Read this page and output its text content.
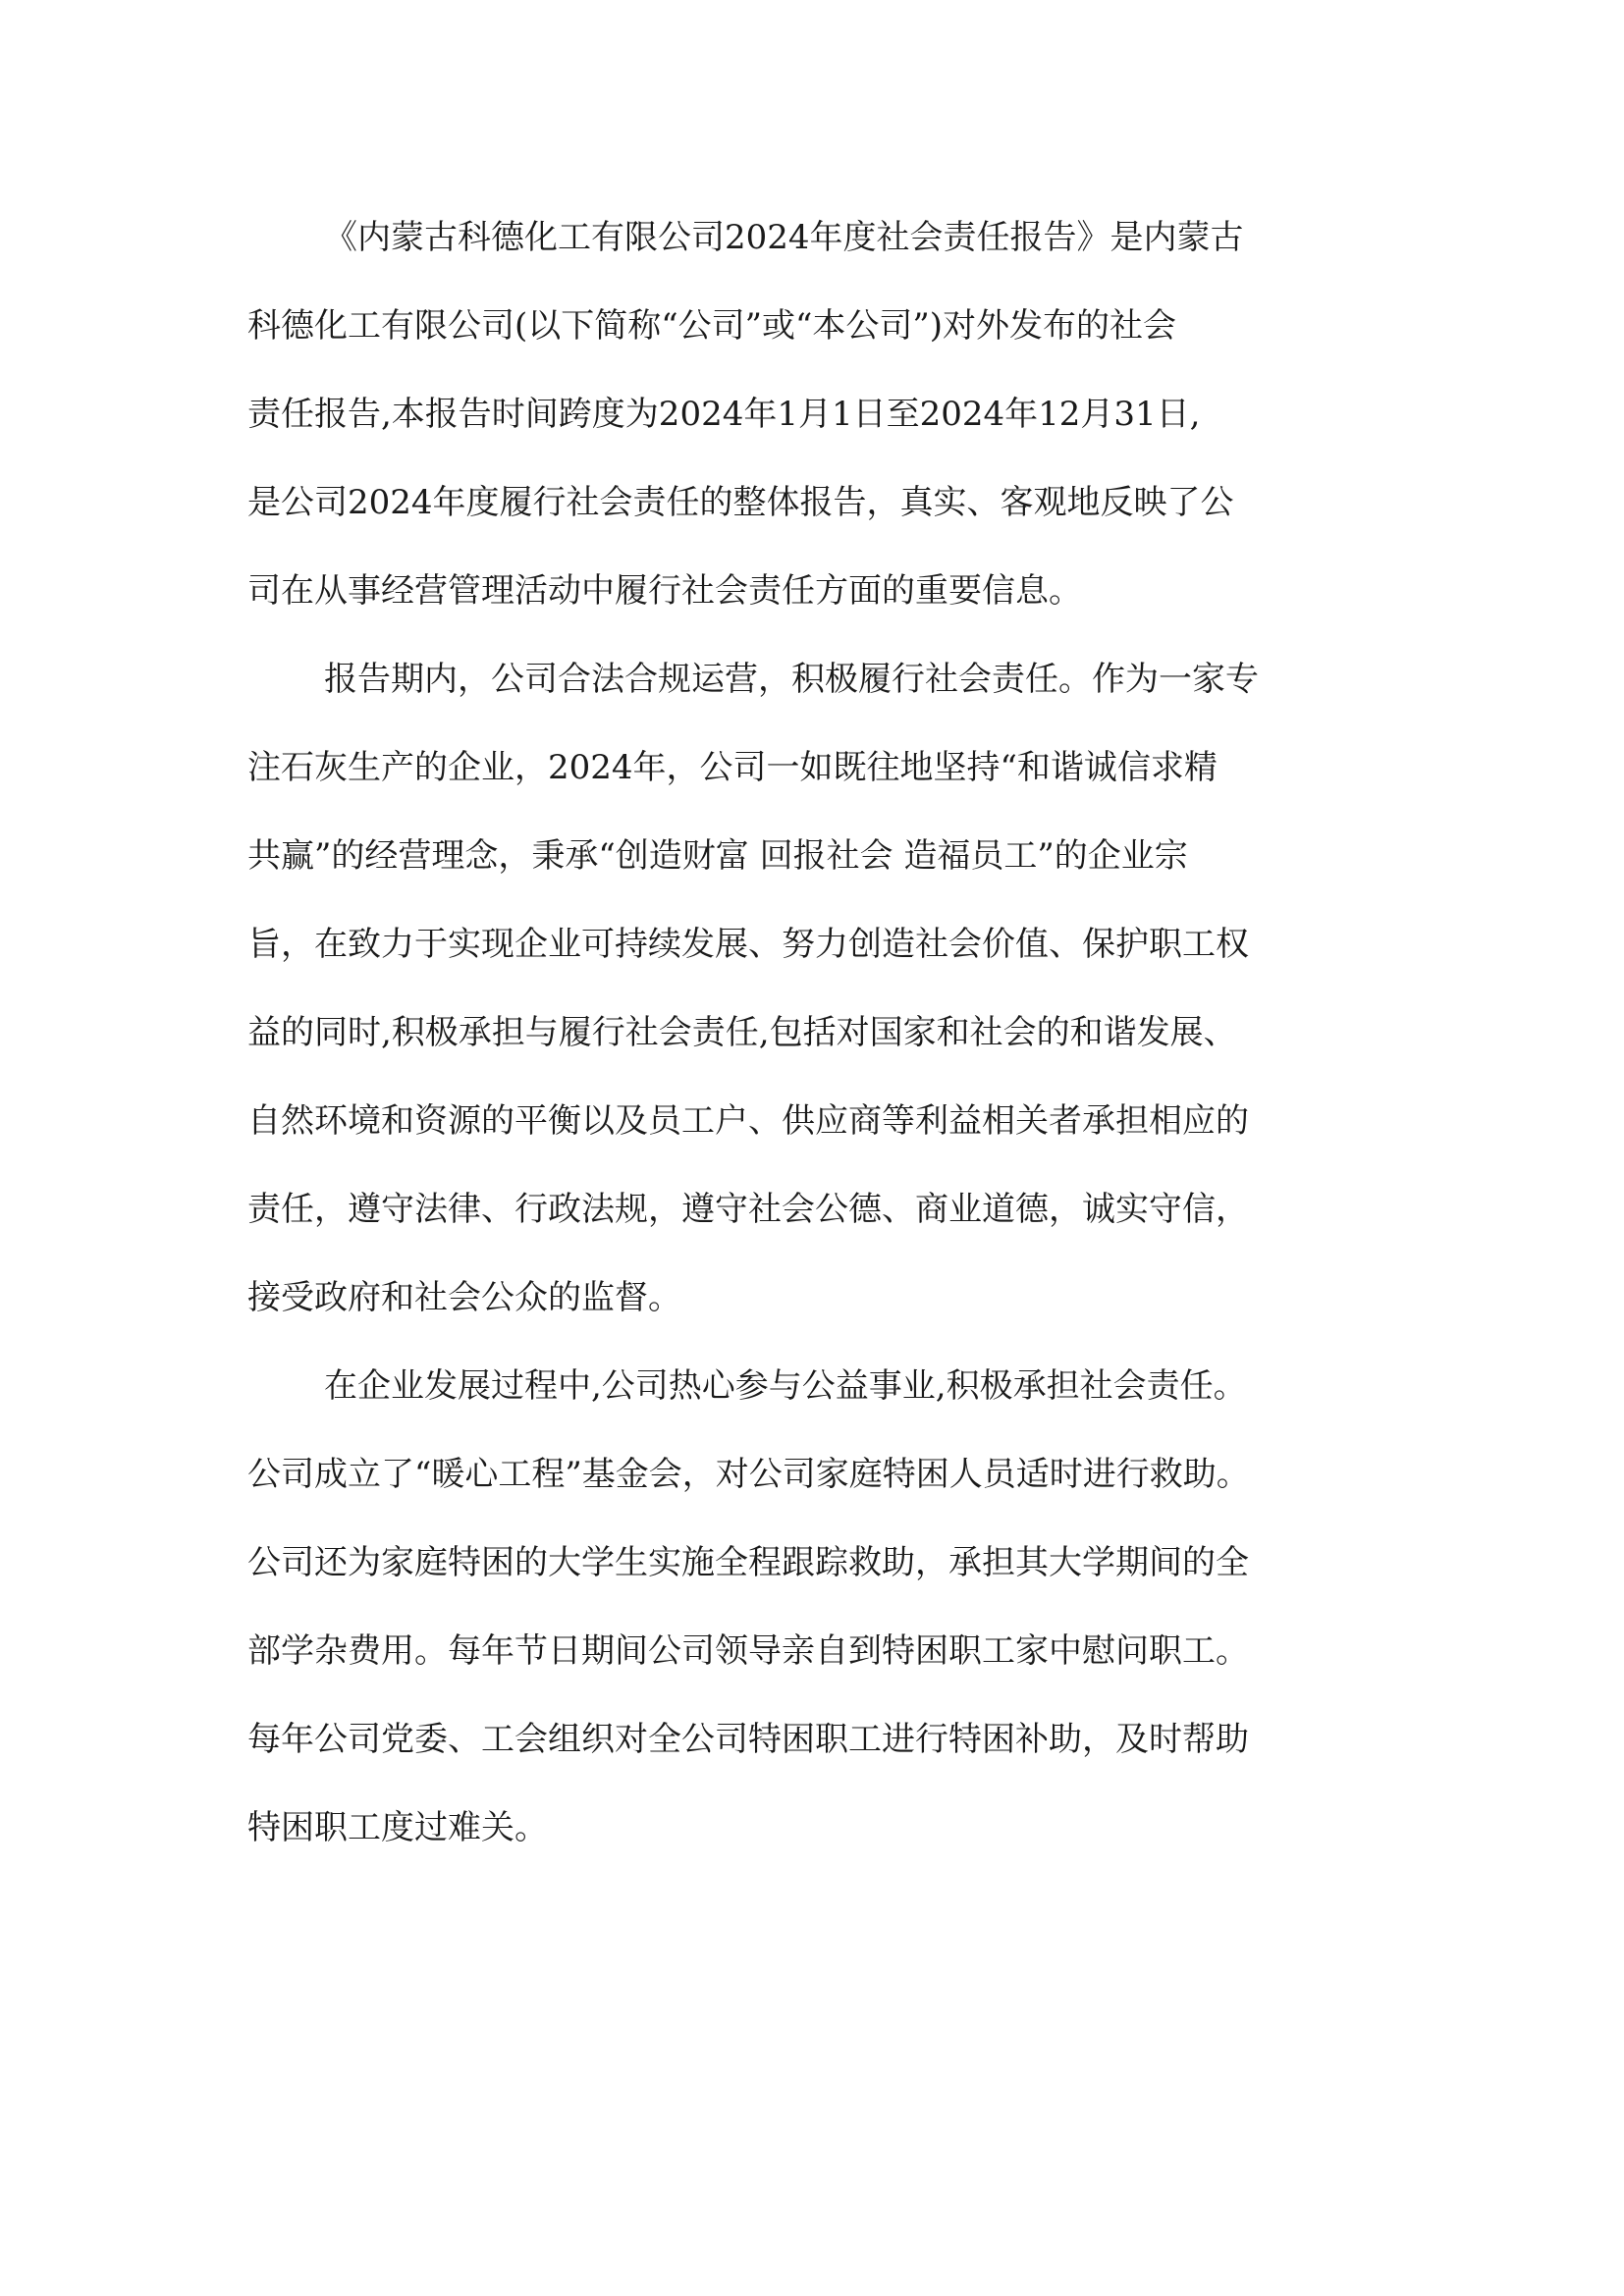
《内蒙古科德化工有限公司2024年度社会责任报告》是内蒙古
科德化工有限公司(以下简称“公司”或“本公司”)对外发布的社会
责任报告,本报告时间跨度为2024年1月1日至2024年12月31日,
是公司2024年度履行社会责任的整体报告，真实、客观地反映了公
司在从事经营管理活动中履行社会责任方面的重要信息。
报告期内，公司合法合规运营，积极履行社会责任。作为一家专
注石灰生产的企业，2024年，公司一如既往地坚持“和谐诚信求精
共赢”的经营理念，秉承“创造财富 回报社会 造福员工”的企业宗
旨，在致力于实现企业可持续发展、努力创造社会价值、保护职工权
益的同时,积极承担与履行社会责任,包括对国家和社会的和谐发展、
自然环境和资源的平衡以及员工户、供应商等利益相关者承担相应的
责任，遵守法律、行政法规，遵守社会公德、商业道德，诚实守信，
接受政府和社会公众的监督。
在企业发展过程中,公司热心参与公益事业,积极承担社会责任。
公司成立了“暖心工程”基金会，对公司家庭特困人员适时进行救助。
公司还为家庭特困的大学生实施全程跟踪救助，承担其大学期间的全
部学杂费用。每年节日期间公司领导亲自到特困职工家中慰问职工。
每年公司党委、工会组织对全公司特困职工进行特困补助，及时帮助
特困职工度过难关。
